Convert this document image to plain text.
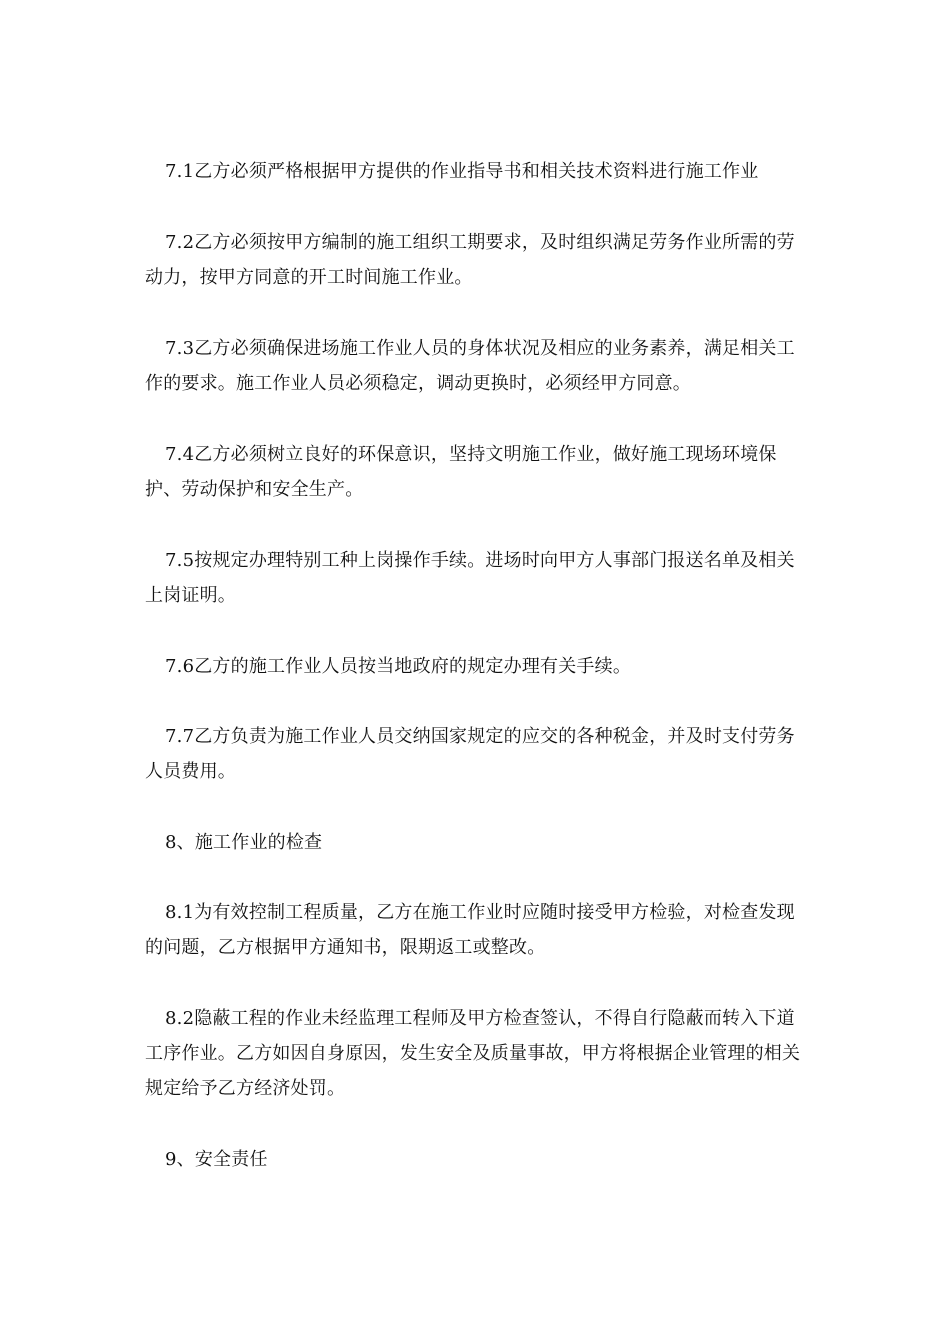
7.1乙方必须严格根据甲方提供的作业指导书和相关技术资料进行施工作业

7.2乙方必须按甲方编制的施工组织工期要求，及时组织满足劳务作业所需的劳动力，按甲方同意的开工时间施工作业。

7.3乙方必须确保进场施工作业人员的身体状况及相应的业务素养，满足相关工作的要求。施工作业人员必须稳定，调动更换时，必须经甲方同意。

7.4乙方必须树立良好的环保意识，坚持文明施工作业，做好施工现场环境保护、劳动保护和安全生产。

7.5按规定办理特别工种上岗操作手续。进场时向甲方人事部门报送名单及相关上岗证明。

7.6乙方的施工作业人员按当地政府的规定办理有关手续。

7.7乙方负责为施工作业人员交纳国家规定的应交的各种税金，并及时支付劳务人员费用。

8、施工作业的检查

8.1为有效控制工程质量，乙方在施工作业时应随时接受甲方检验，对检查发现的问题，乙方根据甲方通知书，限期返工或整改。

8.2隐蔽工程的作业未经监理工程师及甲方检查签认，不得自行隐蔽而转入下道工序作业。乙方如因自身原因，发生安全及质量事故，甲方将根据企业管理的相关规定给予乙方经济处罚。

9、安全责任
